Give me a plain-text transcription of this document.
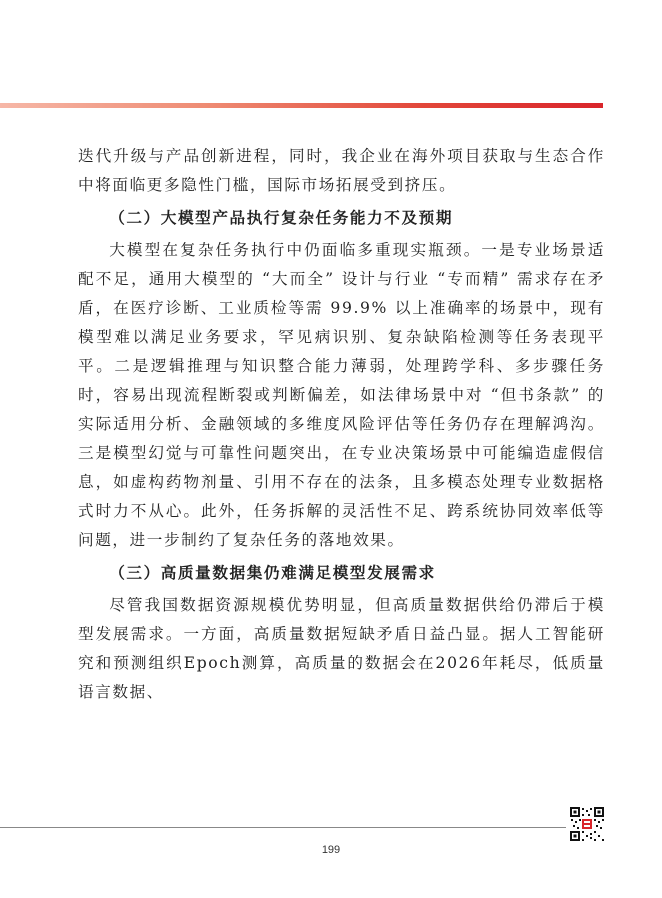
迭代升级与产品创新进程，同时，我企业在海外项目获取与生态合作中将面临更多隐性门槛，国际市场拓展受到挤压。

（二）大模型产品执行复杂任务能力不及预期

大模型在复杂任务执行中仍面临多重现实瓶颈。一是专业场景适配不足，通用大模型的 “大而全” 设计与行业 “专而精” 需求存在矛盾，在医疗诊断、工业质检等需 99.9% 以上准确率的场景中，现有模型难以满足业务要求，罕见病识别、复杂缺陷检测等任务表现平平。二是逻辑推理与知识整合能力薄弱，处理跨学科、多步骤任务时，容易出现流程断裂或判断偏差，如法律场景中对 “但书条款” 的实际适用分析、金融领域的多维度风险评估等任务仍存在理解鸿沟。三是模型幻觉与可靠性问题突出，在专业决策场景中可能编造虚假信息，如虚构药物剂量、引用不存在的法条，且多模态处理专业数据格式时力不从心。此外，任务拆解的灵活性不足、跨系统协同效率低等问题，进一步制约了复杂任务的落地效果。

（三）高质量数据集仍难满足模型发展需求

尽管我国数据资源规模优势明显，但高质量数据供给仍滞后于模型发展需求。一方面，高质量数据短缺矛盾日益凸显。据人工智能研究和预测组织Epoch测算，高质量的数据会在2026年耗尽，低质量语言数据、

199
